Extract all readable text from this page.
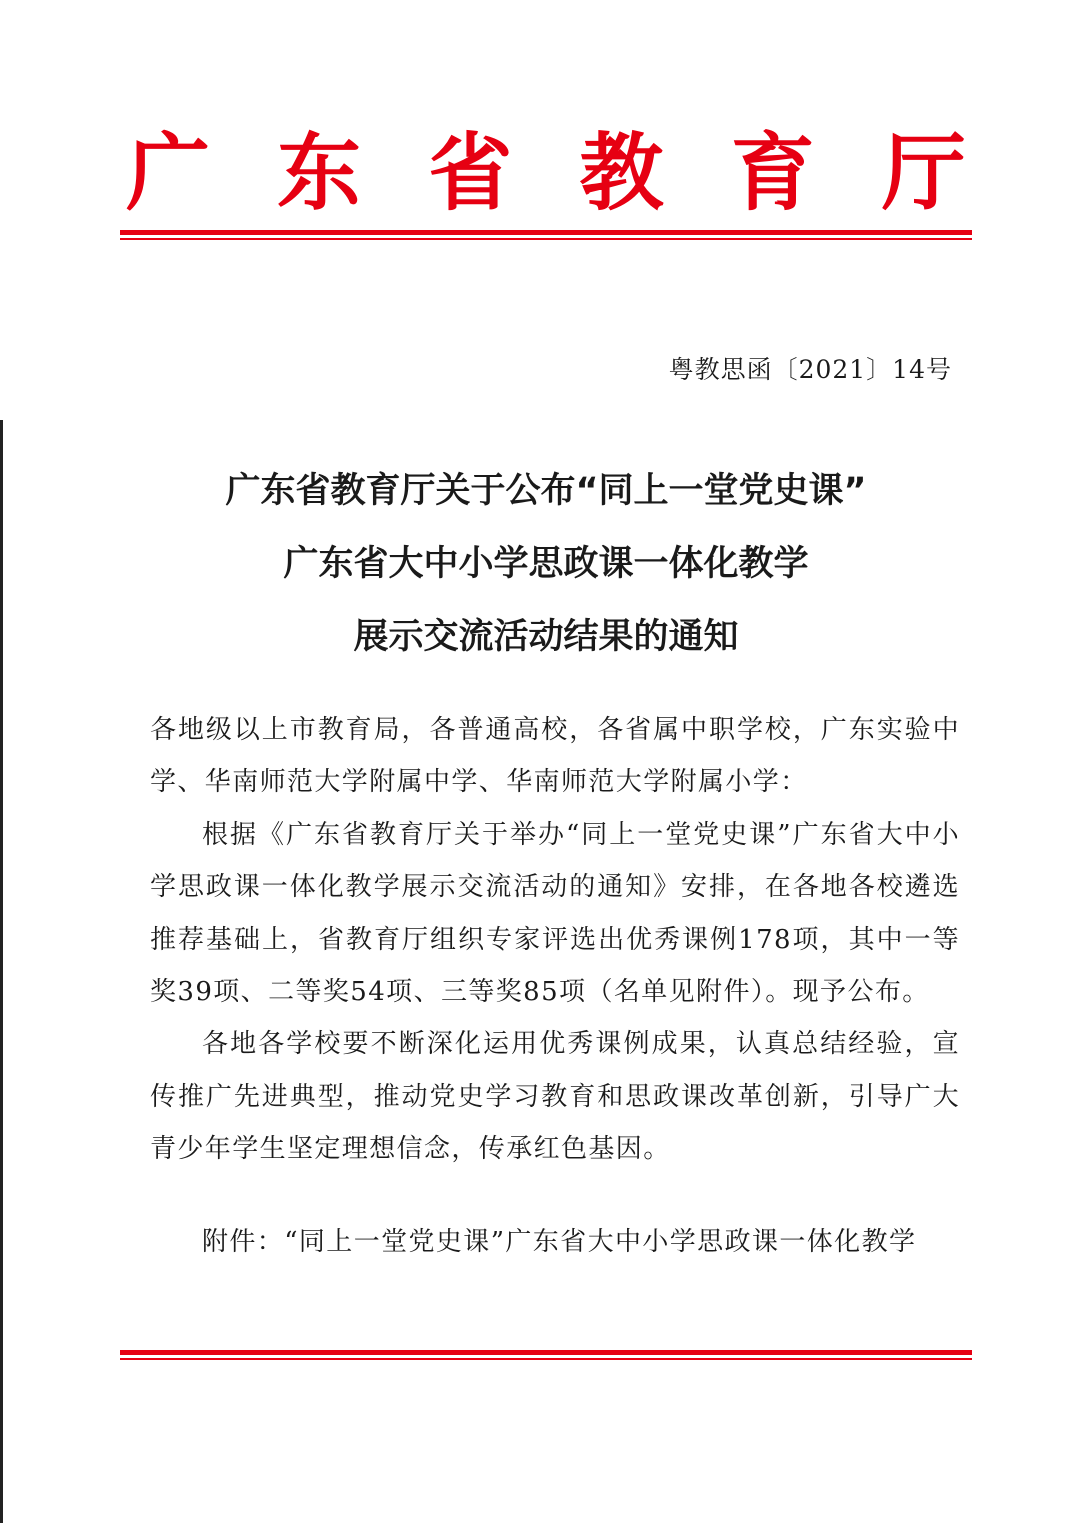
广 东 省 教 育 厅
粤教思函〔2021〕14号
广东省教育厅关于公布“同上一堂党史课”
广东省大中小学思政课一体化教学
展示交流活动结果的通知

各地级以上市教育局，各普通高校，各省属中职学校，广东实验中学、华南师范大学附属中学、华南师范大学附属小学：

根据《广东省教育厅关于举办“同上一堂党史课”广东省大中小学思政课一体化教学展示交流活动的通知》安排，在各地各校遴选推荐基础上，省教育厅组织专家评选出优秀课例178项，其中一等奖39项、二等奖54项、三等奖85项（名单见附件）。现予公布。

各地各学校要不断深化运用优秀课例成果，认真总结经验，宣传推广先进典型，推动党史学习教育和思政课改革创新，引导广大青少年学生坚定理想信念，传承红色基因。

附件：“同上一堂党史课”广东省大中小学思政课一体化教学
